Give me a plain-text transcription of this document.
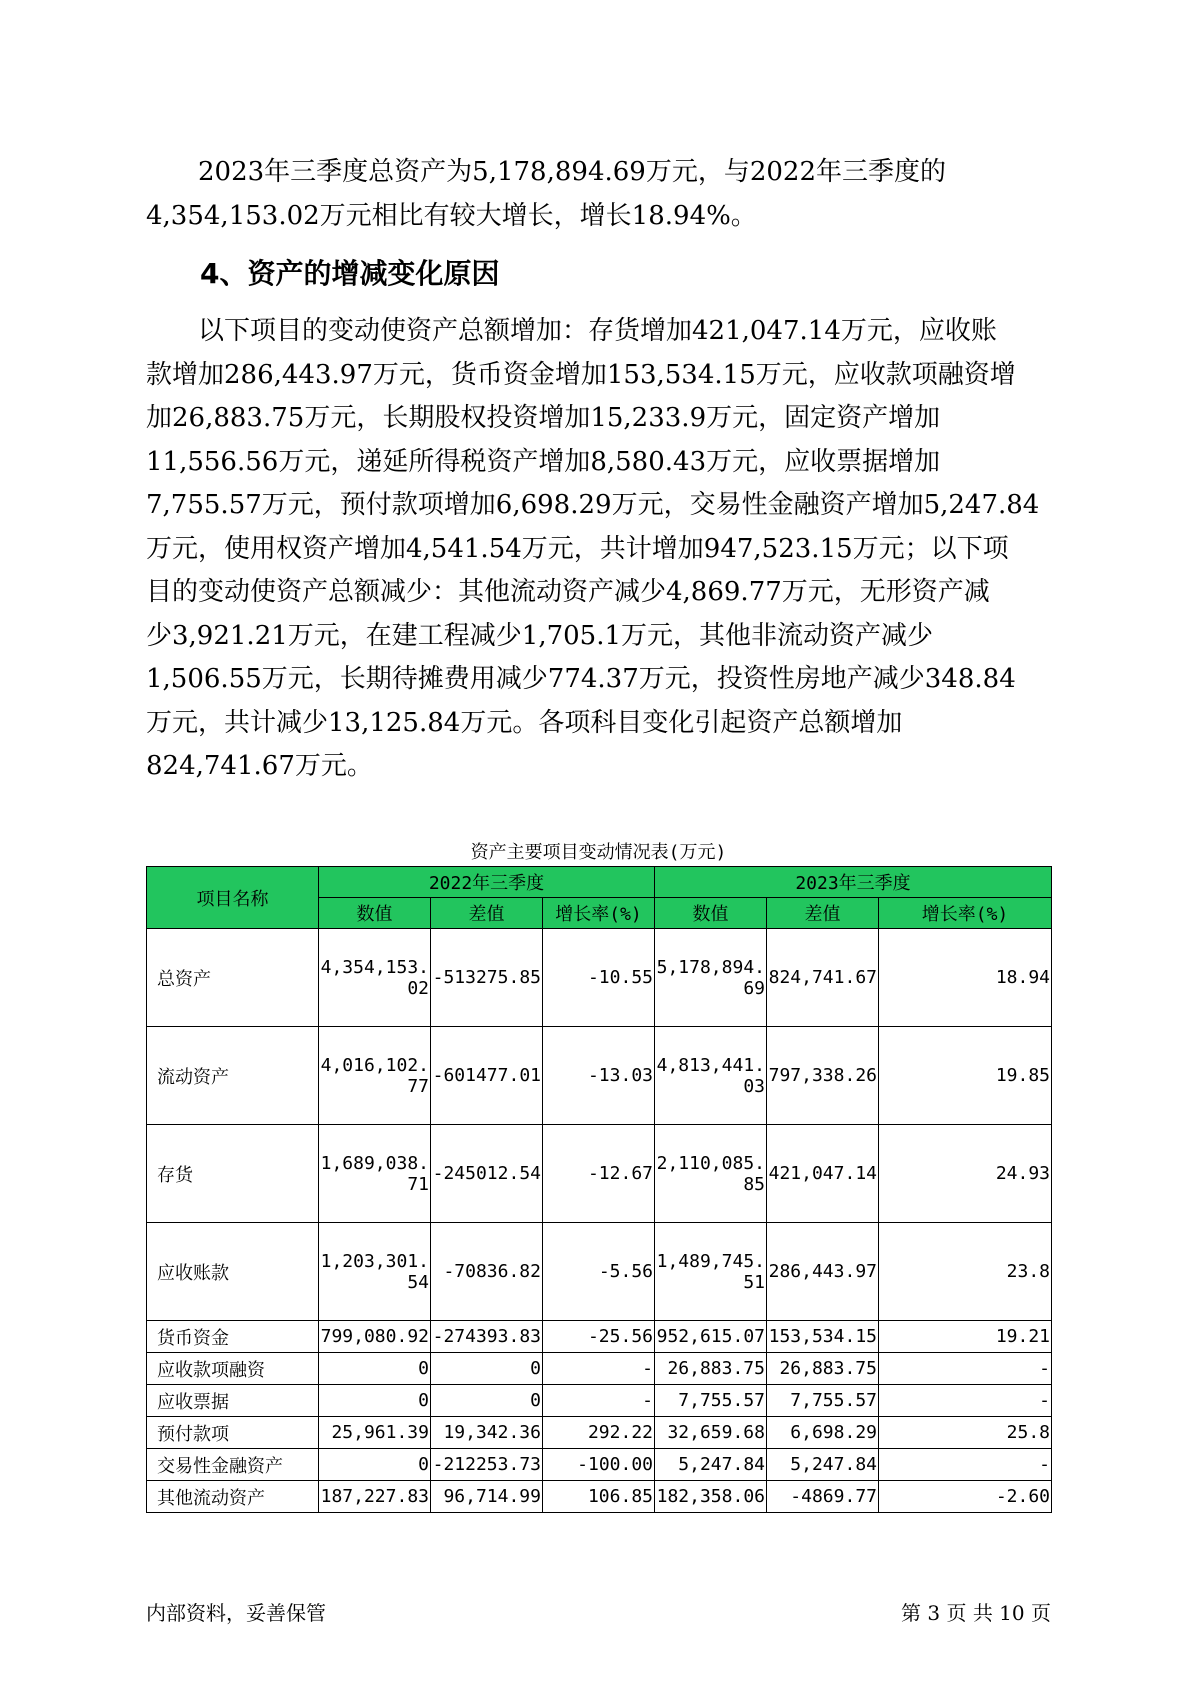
2023年三季度总资产为5,178,894.69万元，与2022年三季度的
4,354,153.02万元相比有较大增长，增长18.94%。
4、资产的增减变化原因
以下项目的变动使资产总额增加：存货增加421,047.14万元，应收账
款增加286,443.97万元，货币资金增加153,534.15万元，应收款项融资增
加26,883.75万元，长期股权投资增加15,233.9万元，固定资产增加
11,556.56万元，递延所得税资产增加8,580.43万元，应收票据增加
7,755.57万元，预付款项增加6,698.29万元，交易性金融资产增加5,247.84
万元，使用权资产增加4,541.54万元，共计增加947,523.15万元；以下项
目的变动使资产总额减少：其他流动资产减少4,869.77万元，无形资产减
少3,921.21万元，在建工程减少1,705.1万元，其他非流动资产减少
1,506.55万元，长期待摊费用减少774.37万元，投资性房地产减少348.84
万元，共计减少13,125.84万元。各项科目变化引起资产总额增加
824,741.67万元。
资产主要项目变动情况表(万元)
项目名称	2022年三季度			2023年三季度		
	数值	差值	增长率(%)	数值	差值	增长率(%)
总资产	4,354,153.02	-513275.85	-10.55	5,178,894.69	824,741.67	18.94
流动资产	4,016,102.77	-601477.01	-13.03	4,813,441.03	797,338.26	19.85
存货	1,689,038.71	-245012.54	-12.67	2,110,085.85	421,047.14	24.93
应收账款	1,203,301.54	-70836.82	-5.56	1,489,745.51	286,443.97	23.8
货币资金	799,080.92	-274393.83	-25.56	952,615.07	153,534.15	19.21
应收款项融资	0	0	-	26,883.75	26,883.75	-
应收票据	0	0	-	7,755.57	7,755.57	-
预付款项	25,961.39	19,342.36	292.22	32,659.68	6,698.29	25.8
交易性金融资产	0	-212253.73	-100.00	5,247.84	5,247.84	-
其他流动资产	187,227.83	96,714.99	106.85	182,358.06	-4869.77	-2.60
内部资料，妥善保管	第 3 页 共 10 页
